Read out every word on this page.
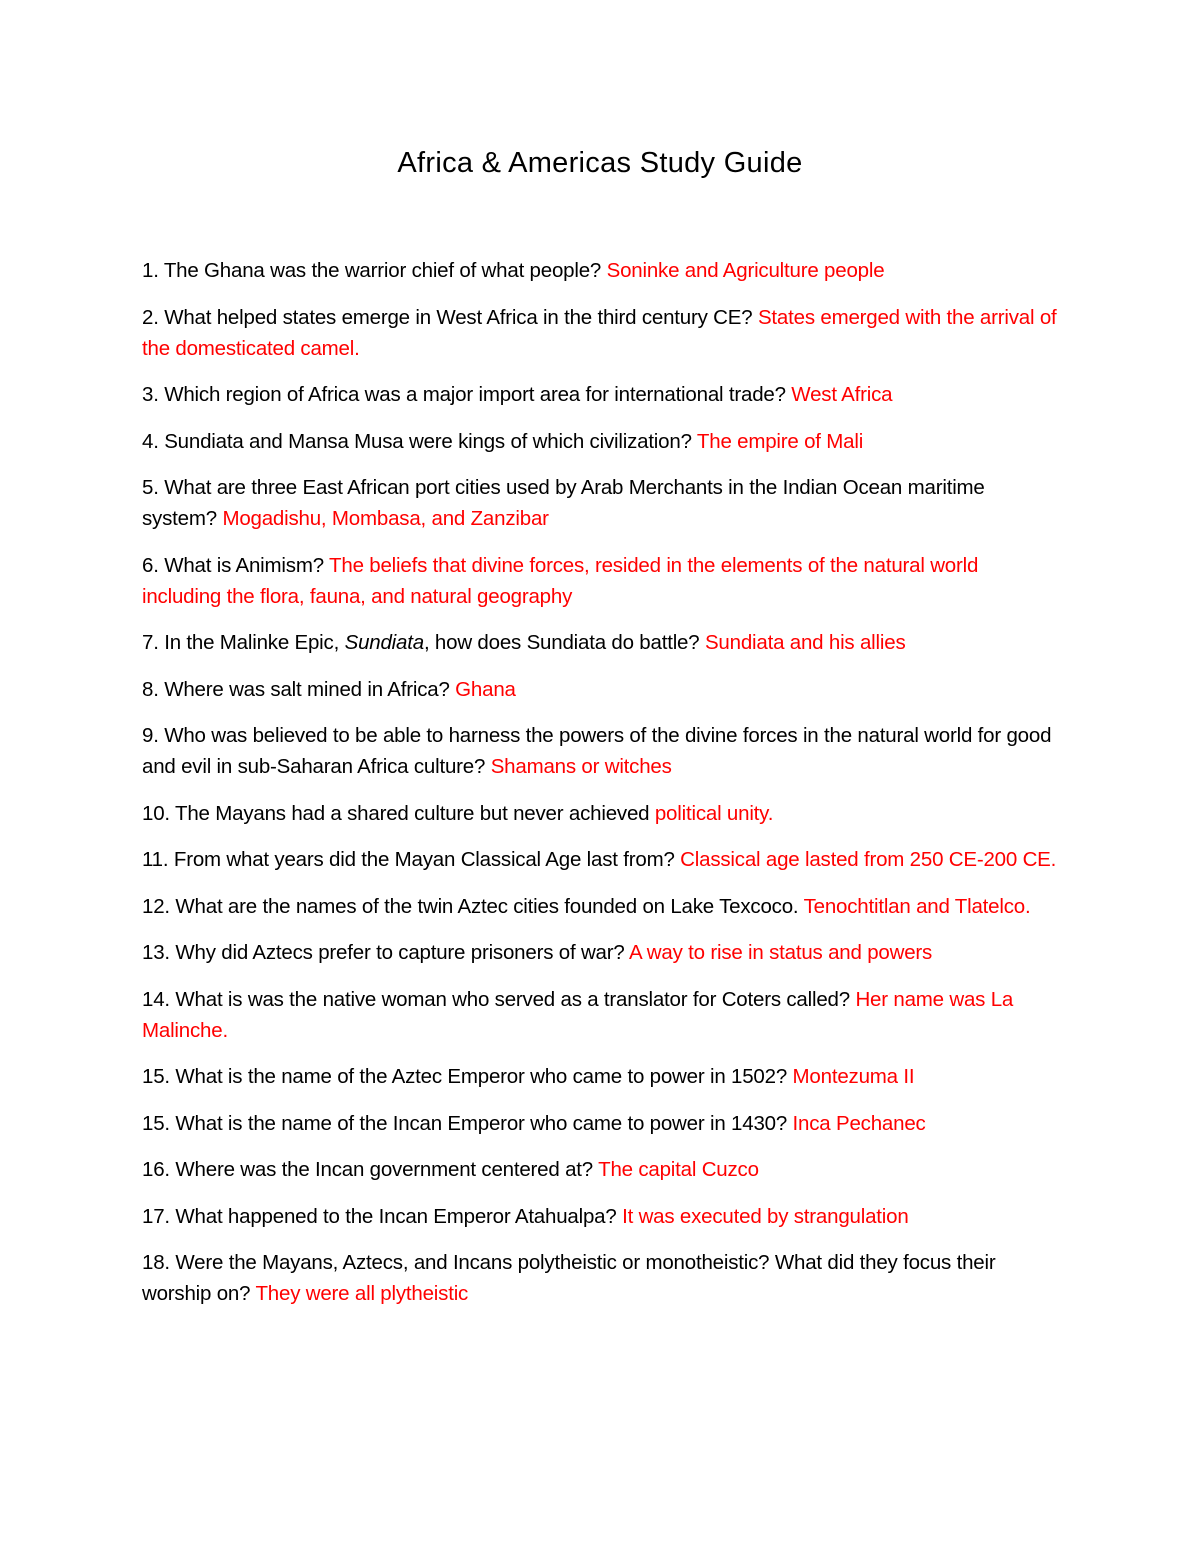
Africa & Americas Study Guide

1. The Ghana was the warrior chief of what people? Soninke and Agriculture people

2. What helped states emerge in West Africa in the third century CE? States emerged with the arrival of the domesticated camel.

3. Which region of Africa was a major import area for international trade? West Africa

4. Sundiata and Mansa Musa were kings of which civilization? The empire of Mali

5. What are three East African port cities used by Arab Merchants in the Indian Ocean maritime system? Mogadishu, Mombasa, and Zanzibar

6. What is Animism? The beliefs that divine forces, resided in the elements of the natural world including the flora, fauna, and natural geography

7. In the Malinke Epic, Sundiata, how does Sundiata do battle? Sundiata and his allies

8. Where was salt mined in Africa? Ghana

9. Who was believed to be able to harness the powers of the divine forces in the natural world for good and evil in sub-Saharan Africa culture? Shamans or witches

10. The Mayans had a shared culture but never achieved political unity.

11. From what years did the Mayan Classical Age last from? Classical age lasted from 250 CE-200 CE.

12. What are the names of the twin Aztec cities founded on Lake Texcoco. Tenochtitlan and Tlatelco.

13. Why did Aztecs prefer to capture prisoners of war? A way to rise in status and powers

14. What is was the native woman who served as a translator for Coters called? Her name was La Malinche.

15. What is the name of the Aztec Emperor who came to power in 1502? Montezuma II

15. What is the name of the Incan Emperor who came to power in 1430? Inca Pechanec

16. Where was the Incan government centered at? The capital Cuzco

17. What happened to the Incan Emperor Atahualpa? It was executed by strangulation

18. Were the Mayans, Aztecs, and Incans polytheistic or monotheistic? What did they focus their worship on? They were all plytheistic
